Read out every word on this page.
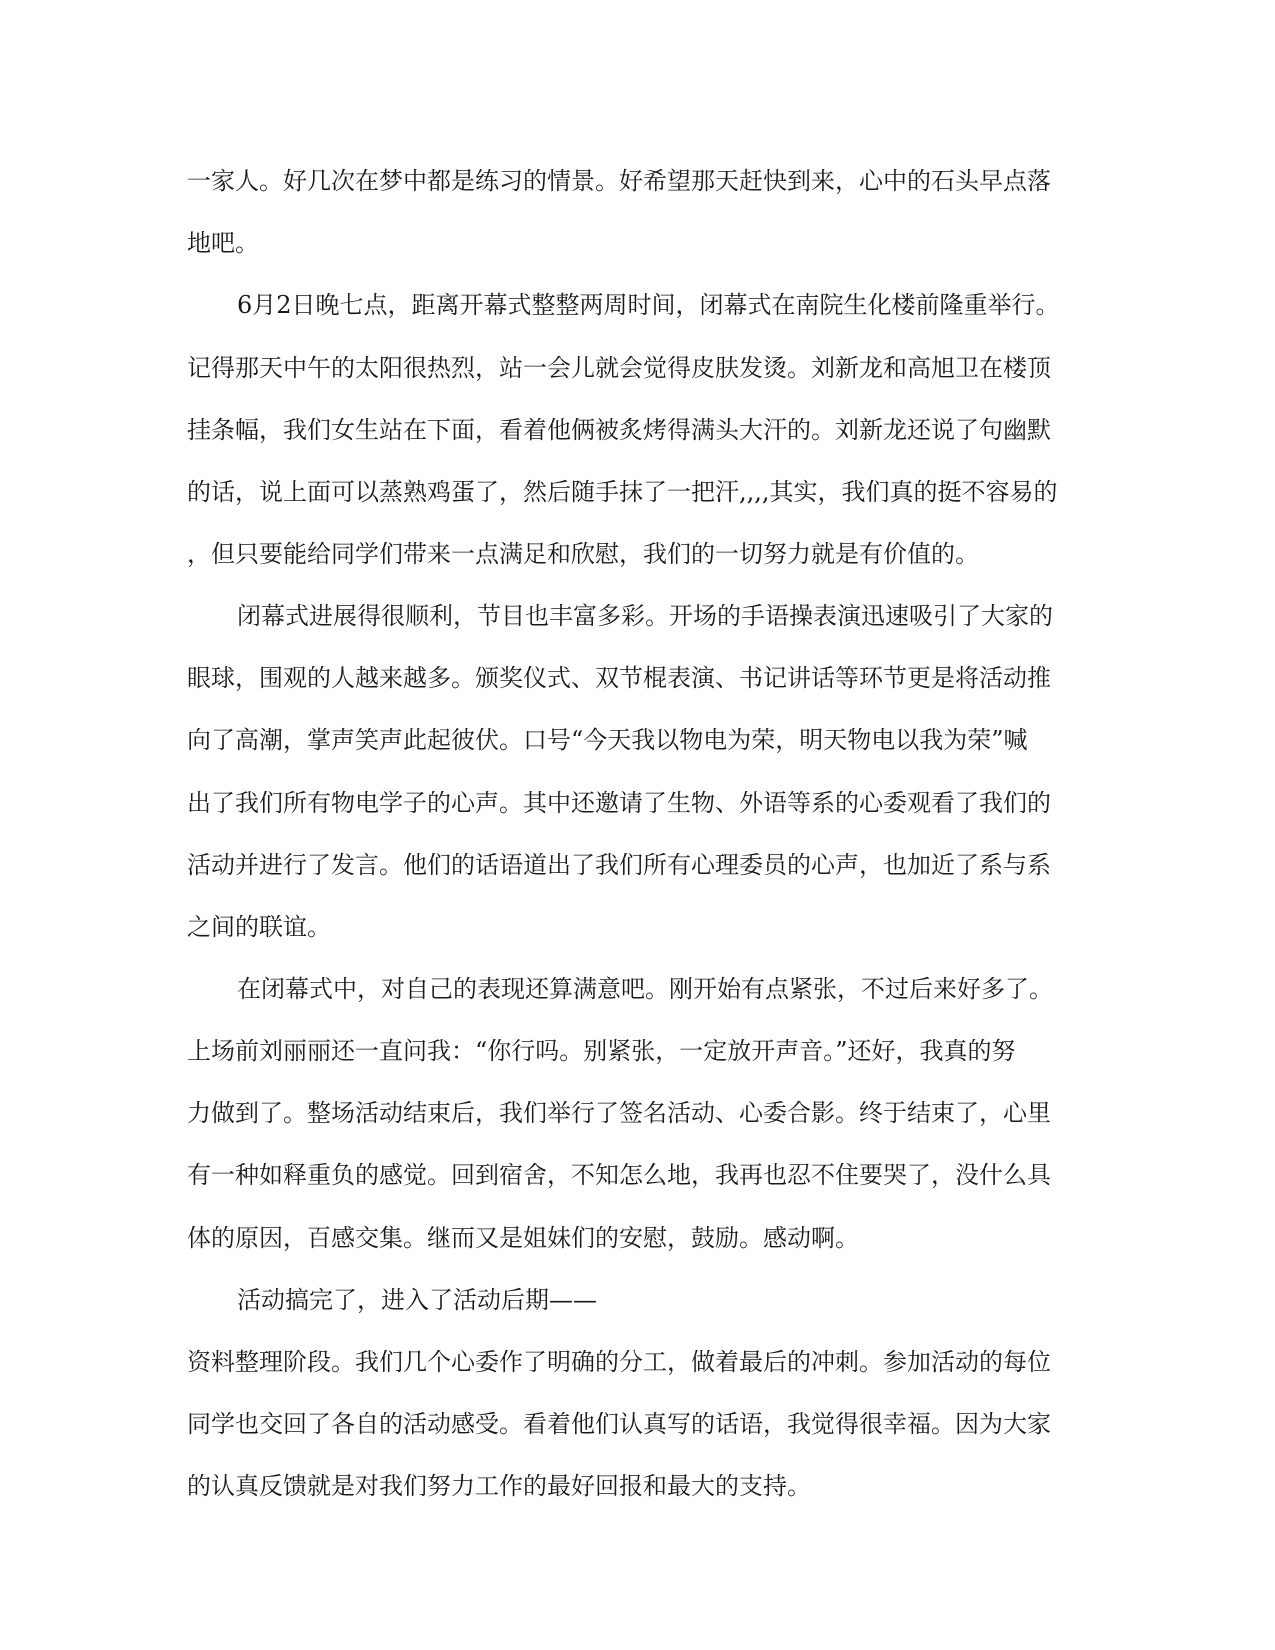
一家人。好几次在梦中都是练习的情景。好希望那天赶快到来，心中的石头早点落

地吧。

6月2日晚七点，距离开幕式整整两周时间，闭幕式在南院生化楼前隆重举行。

记得那天中午的太阳很热烈，站一会儿就会觉得皮肤发烫。刘新龙和高旭卫在楼顶

挂条幅，我们女生站在下面，看着他俩被炙烤得满头大汗的。刘新龙还说了句幽默

的话，说上面可以蒸熟鸡蛋了，然后随手抹了一把汗,,,,其实，我们真的挺不容易的

，但只要能给同学们带来一点满足和欣慰，我们的一切努力就是有价值的。

闭幕式进展得很顺利，节目也丰富多彩。开场的手语操表演迅速吸引了大家的

眼球，围观的人越来越多。颁奖仪式、双节棍表演、书记讲话等环节更是将活动推

向了高潮，掌声笑声此起彼伏。口号“今天我以物电为荣，明天物电以我为荣”喊

出了我们所有物电学子的心声。其中还邀请了生物、外语等系的心委观看了我们的

活动并进行了发言。他们的话语道出了我们所有心理委员的心声，也加近了系与系

之间的联谊。

在闭幕式中，对自己的表现还算满意吧。刚开始有点紧张，不过后来好多了。

上场前刘丽丽还一直问我：“你行吗。别紧张，一定放开声音。”还好，我真的努

力做到了。整场活动结束后，我们举行了签名活动、心委合影。终于结束了，心里

有一种如释重负的感觉。回到宿舍，不知怎么地，我再也忍不住要哭了，没什么具

体的原因，百感交集。继而又是姐妹们的安慰，鼓励。感动啊。

活动搞完了，进入了活动后期——

资料整理阶段。我们几个心委作了明确的分工，做着最后的冲刺。参加活动的每位

同学也交回了各自的活动感受。看着他们认真写的话语，我觉得很幸福。因为大家

的认真反馈就是对我们努力工作的最好回报和最大的支持。
